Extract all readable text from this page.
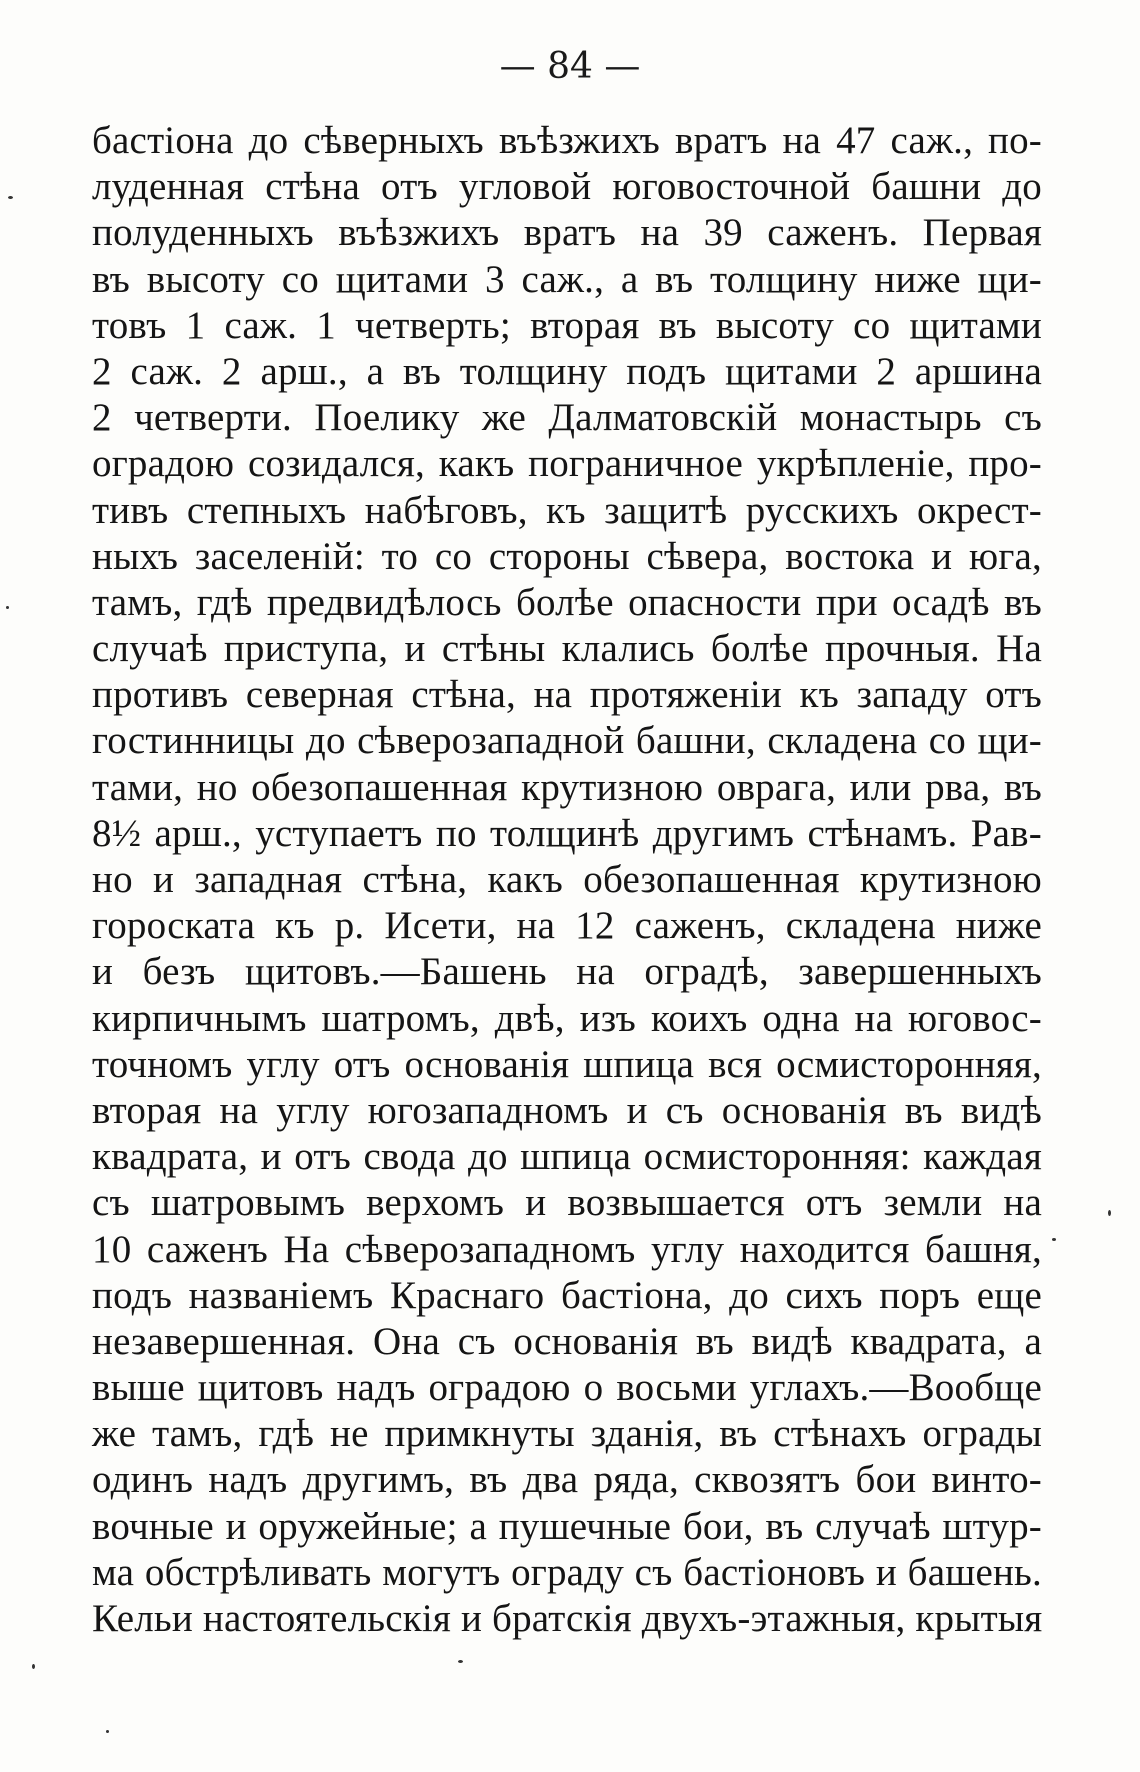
— 84 —
бастіона до сѣверныхъ въѣзжихъ вратъ на 47 саж., по-
луденная стѣна отъ угловой юговосточной башни до
полуденныхъ въѣзжихъ вратъ на 39 саженъ. Первая
въ высоту со щитами 3 саж., а въ толщину ниже щи-
товъ 1 саж. 1 четверть; вторая въ высоту со щитами
2 саж. 2 арш., а въ толщину подъ щитами 2 аршина
2 четверти. Поелику же Далматовскій монастырь съ
оградою созидался, какъ пограничное укрѣпленіе, про-
тивъ степныхъ набѣговъ, къ защитѣ русскихъ окрест-
ныхъ заселеній: то со стороны сѣвера, востока и юга,
тамъ, гдѣ предвидѣлось болѣе опасности при осадѣ въ
случаѣ приступа, и стѣны клались болѣе прочныя. На
противъ северная стѣна, на протяженіи къ западу отъ
гостинницы до сѣверозападной башни, складена со щи-
тами, но обезопашенная крутизною оврага, или рва, въ
8½ арш., уступаетъ по толщинѣ другимъ стѣнамъ. Рав-
но и западная стѣна, какъ обезопашенная крутизною
гороската къ р. Исети, на 12 саженъ, складена ниже
и безъ щитовъ.—Башень на оградѣ, завершенныхъ
кирпичнымъ шатромъ, двѣ, изъ коихъ одна на юговос-
точномъ углу отъ основанія шпица вся осмисторонняя,
вторая на углу югозападномъ и съ основанія въ видѣ
квадрата, и отъ свода до шпица осмисторонняя: каждая
съ шатровымъ верхомъ и возвышается отъ земли на
10 саженъ На сѣверозападномъ углу находится башня,
подъ названіемъ Краснаго бастіона, до сихъ поръ еще
незавершенная. Она съ основанія въ видѣ квадрата, а
выше щитовъ надъ оградою о восьми углахъ.—Вообще
же тамъ, гдѣ не примкнуты зданія, въ стѣнахъ ограды
одинъ надъ другимъ, въ два ряда, сквозятъ бои винто-
вочные и оружейные; а пушечные бои, въ случаѣ штур-
ма обстрѣливать могутъ ограду съ бастіоновъ и башень.
Кельи настоятельскія и братскія двухъ-этажныя, крытыя
